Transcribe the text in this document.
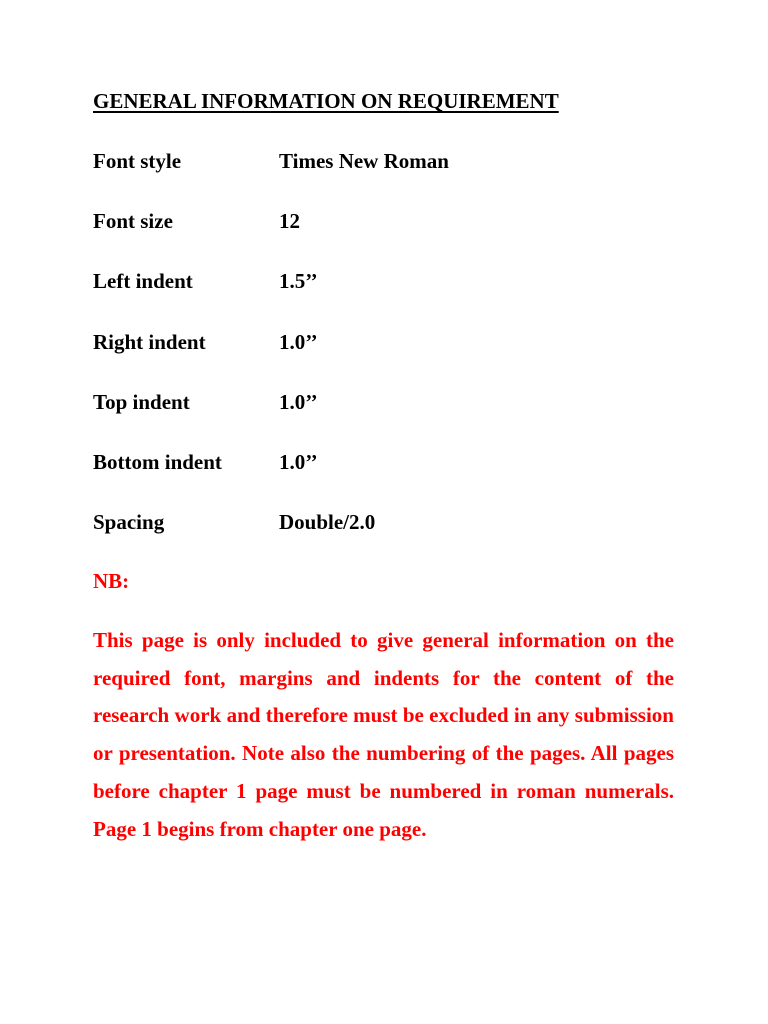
GENERAL INFORMATION ON REQUIREMENT
Font style	Times New Roman
Font size	12
Left indent	1.5’’
Right indent	1.0’’
Top indent	1.0’’
Bottom indent	1.0’’
Spacing	Double/2.0
NB:
This page is only included to give general information on the required font, margins and indents for the content of the research work and therefore must be excluded in any submission or presentation. Note also the numbering of the pages. All pages before chapter 1 page must be numbered in roman numerals. Page 1 begins from chapter one page.
